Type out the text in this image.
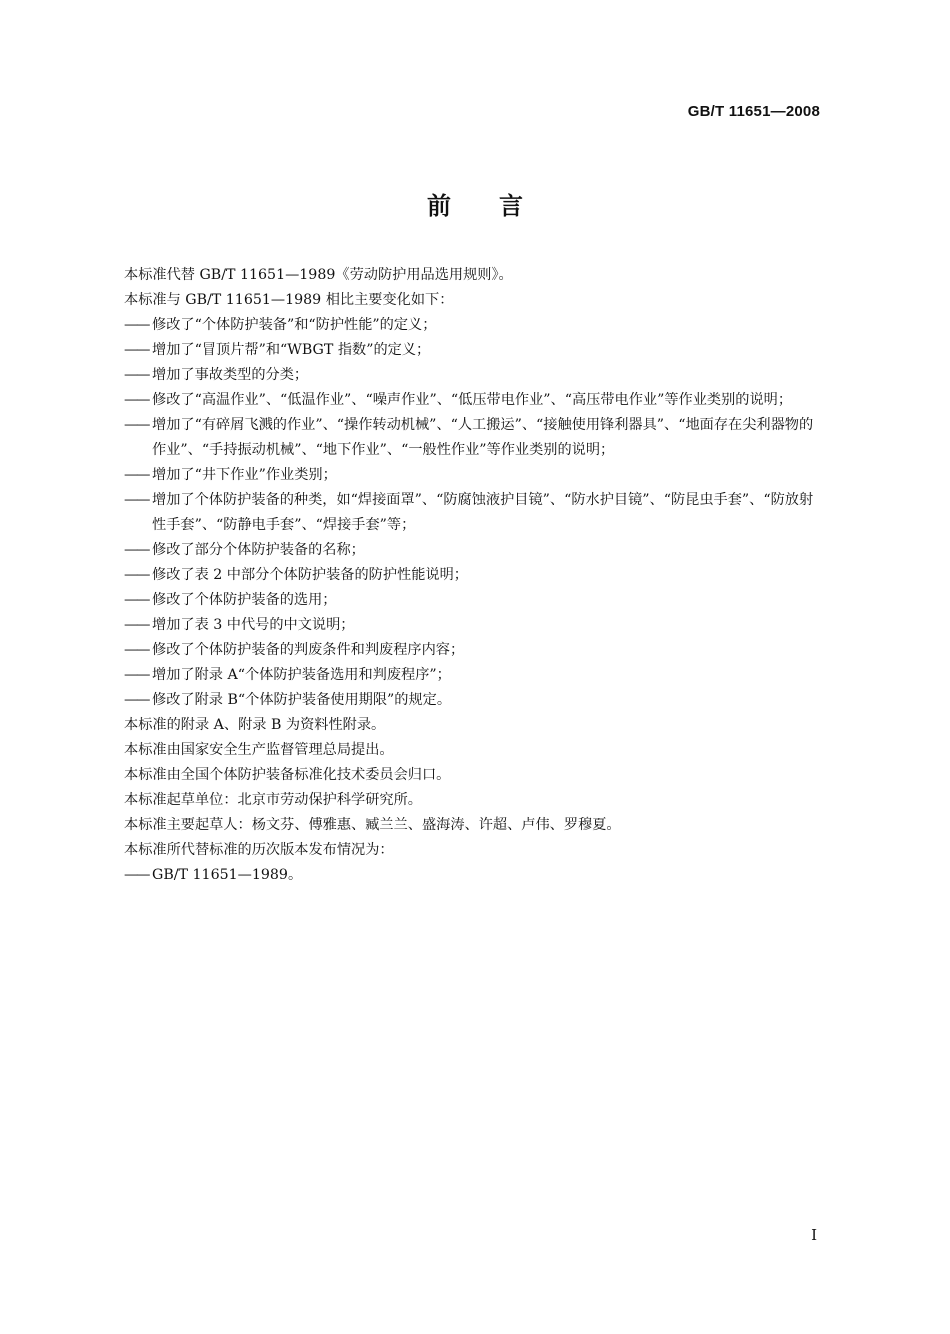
GB/T 11651—2008
前言

本标准代替 GB/T 11651—1989《劳动防护用品选用规则》。

本标准与 GB/T 11651—1989 相比主要变化如下：

—— 修改了“个体防护装备”和“防护性能”的定义；

—— 增加了“冒顶片帮”和“WBGT 指数”的定义；

—— 增加了事故类型的分类；

—— 修改了“高温作业”、“低温作业”、“噪声作业”、“低压带电作业”、“高压带电作业”等作业类别的说明；

—— 增加了“有碎屑飞溅的作业”、“操作转动机械”、“人工搬运”、“接触使用锋利器具”、“地面存在尖利器物的作业”、“手持振动机械”、“地下作业”、“一般性作业”等作业类别的说明；

—— 增加了“井下作业”作业类别；

—— 增加了个体防护装备的种类，如“焊接面罩”、“防腐蚀液护目镜”、“防水护目镜”、“防昆虫手套”、“防放射性手套”、“防静电手套”、“焊接手套”等；

—— 修改了部分个体防护装备的名称；

—— 修改了表 2 中部分个体防护装备的防护性能说明；

—— 修改了个体防护装备的选用；

—— 增加了表 3 中代号的中文说明；

—— 修改了个体防护装备的判废条件和判废程序内容；

—— 增加了附录 A“个体防护装备选用和判废程序”；

—— 修改了附录 B“个体防护装备使用期限”的规定。

本标准的附录 A、附录 B 为资料性附录。

本标准由国家安全生产监督管理总局提出。

本标准由全国个体防护装备标准化技术委员会归口。

本标准起草单位：北京市劳动保护科学研究所。

本标准主要起草人：杨文芬、傅雅惠、臧兰兰、盛海涛、许超、卢伟、罗穆夏。

本标准所代替标准的历次版本发布情况为：

—— GB/T 11651—1989。

I
